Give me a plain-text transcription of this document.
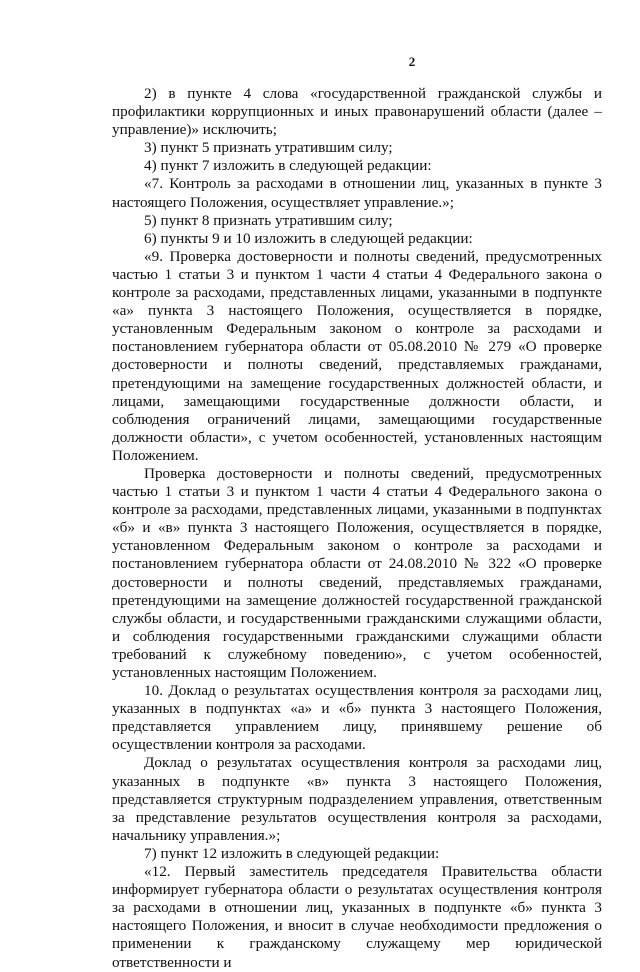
2

2) в пункте 4 слова «государственной гражданской службы и профилактики коррупционных и иных правонарушений области (далее – управление)» исключить;

3) пункт 5 признать утратившим силу;

4) пункт 7 изложить в следующей редакции:

«7. Контроль за расходами в отношении лиц, указанных в пункте 3 настоящего Положения, осуществляет управление.»;

5) пункт 8 признать утратившим силу;

6) пункты 9 и 10 изложить в следующей редакции:

«9. Проверка достоверности и полноты сведений, предусмотренных частью 1 статьи 3 и пунктом 1 части 4 статьи 4 Федерального закона о контроле за расходами, представленных лицами, указанными в подпункте «а» пункта 3 настоящего Положения, осуществляется в порядке, установленным Федеральным законом о контроле за расходами и постановлением губернатора области от 05.08.2010 № 279 «О проверке достоверности и полноты сведений, представляемых гражданами, претендующими на замещение государственных должностей области, и лицами, замещающими государственные должности области, и соблюдения ограничений лицами, замещающими государственные должности области», с учетом особенностей, установленных настоящим Положением.

Проверка достоверности и полноты сведений, предусмотренных частью 1 статьи 3 и пунктом 1 части 4 статьи 4 Федерального закона о контроле за расходами, представленных лицами, указанными в подпунктах «б» и «в» пункта 3 настоящего Положения, осуществляется в порядке, установленном Федеральным законом о контроле за расходами и постановлением губернатора области от 24.08.2010 № 322 «О проверке достоверности и полноты сведений, представляемых гражданами, претендующими на замещение должностей государственной гражданской службы области, и государственными гражданскими служащими области, и соблюдения государственными гражданскими служащими области требований к служебному поведению», с учетом особенностей, установленных настоящим Положением.

10. Доклад о результатах осуществления контроля за расходами лиц, указанных в подпунктах «а» и «б» пункта 3 настоящего Положения, представляется управлением лицу, принявшему решение об осуществлении контроля за расходами.

Доклад о результатах осуществления контроля за расходами лиц, указанных в подпункте «в» пункта 3 настоящего Положения, представляется структурным подразделением управления, ответственным за представление результатов осуществления контроля за расходами, начальнику управления.»;

7) пункт 12 изложить в следующей редакции:

«12. Первый заместитель председателя Правительства области информирует губернатора области о результатах осуществления контроля за расходами в отношении лиц, указанных в подпункте «б» пункта 3 настоящего Положения, и вносит в случае необходимости предложения о применении к гражданскому служащему мер юридической ответственности и
